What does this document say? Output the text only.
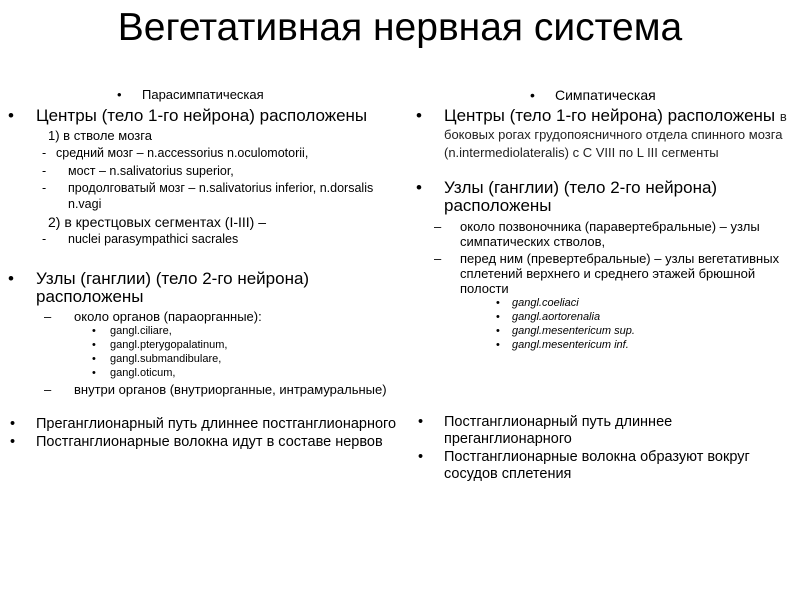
Вегетативная нервная система
• Парасимпатическая
• Центры (тело 1-го нейрона) расположены
1) в стволе мозга
- средний мозг – n.accessorius n.oculomotorii,
- мост – n.salivatorius superior,
- продолговатый мозг – n.salivatorius inferior, n.dorsalis n.vagi
2) в крестцовых сегментах (I-III) –
- nuclei parasympathici sacrales
• Узлы (ганглии) (тело 2-го нейрона) расположены
– около органов (параорганные):
• gangl.ciliare,
• gangl.pterygopalatinum,
• gangl.submandibulare,
• gangl.oticum,
– внутри органов (внутриорганные, интрамуральные)
• Преганглионарный путь длиннее постганглионарного
• Постганглионарные волокна идут в составе нервов
• Симпатическая
• Центры (тело 1-го нейрона) расположены в боковых рогах грудопоясничного отдела спинного мозга (n.intermediolateralis) с C VIII по L III сегменты
• Узлы (ганглии) (тело 2-го нейрона) расположены
– около позвоночника (паравертебральные) – узлы симпатических стволов,
– перед ним (превертебральные) – узлы вегетативных сплетений верхнего и среднего этажей брюшной полости
• gangl.coeliaci
• gangl.aortorenalia
• gangl.mesentericum sup.
• gangl.mesentericum inf.
• Постганглионарный путь длиннее преганглионарного
• Постганглионарные волокна образуют вокруг сосудов сплетения
